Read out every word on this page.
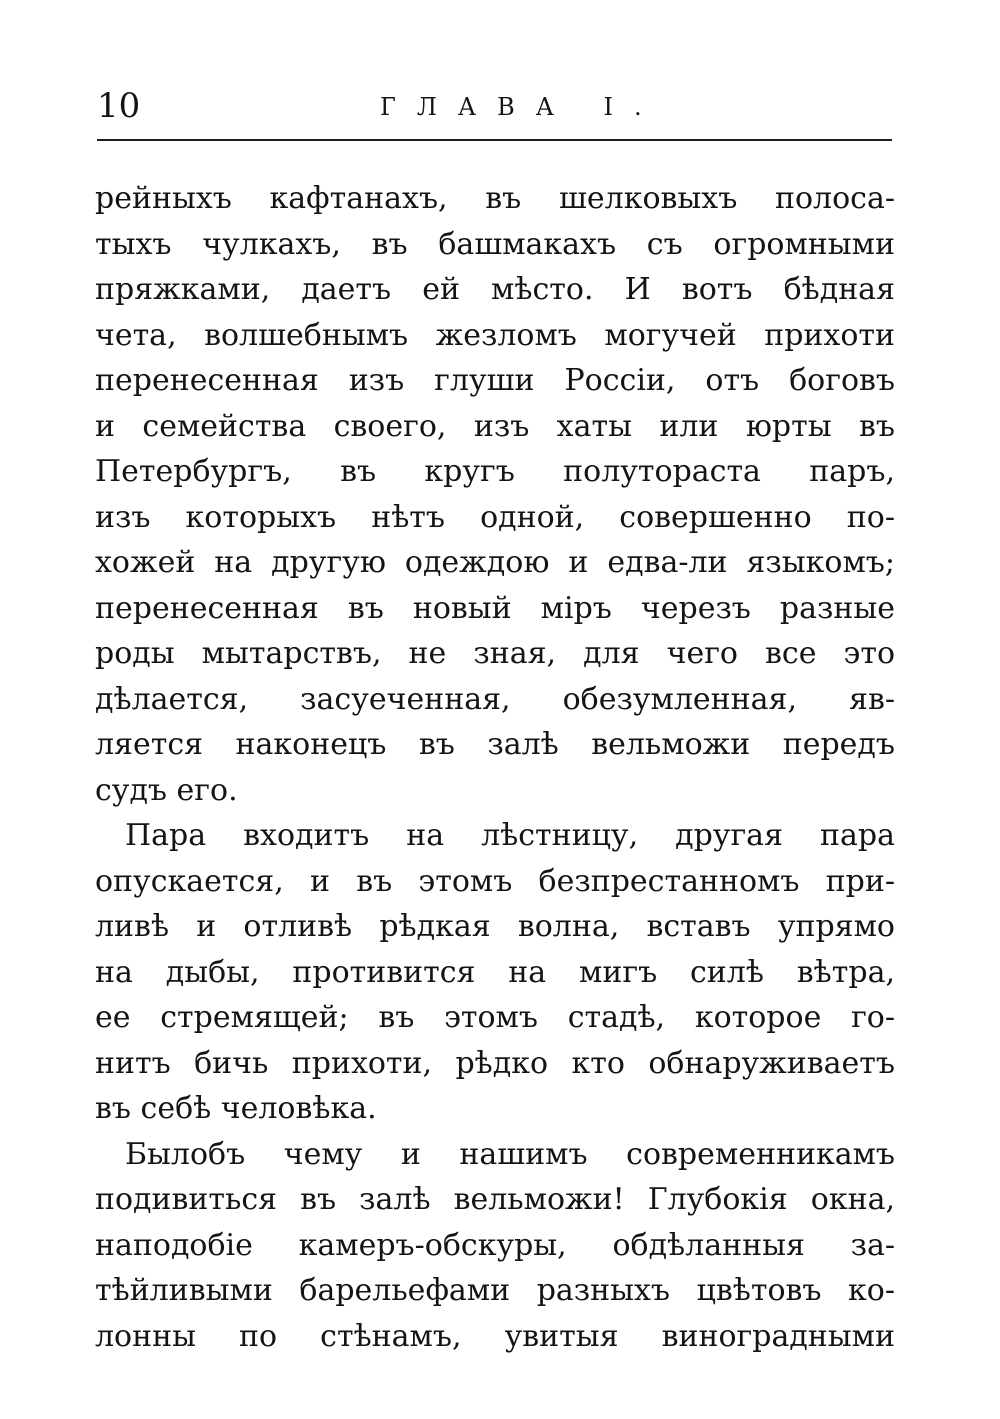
10	ГЛАВА I.
рейныхъ кафтанахъ, въ шелковыхъ полоса-
тыхъ чулкахъ, въ башмакахъ съ огромными
пряжками, даетъ ей мѣсто. И вотъ бѣдная
чета, волшебнымъ жезломъ могучей прихоти
перенесенная изъ глуши Россіи, отъ боговъ
и семейства своего, изъ хаты или юрты въ
Петербургъ, въ кругъ полутораста паръ,
изъ которыхъ нѣтъ одной, совершенно по-
хожей на другую одеждою и едва-ли языкомъ;
перенесенная въ новый міръ черезъ разные
роды мытарствъ, не зная, для чего все это
дѣлается, засуеченная, обезумленная, яв-
ляется наконецъ въ залѣ вельможи передъ
судъ его.
Пара входитъ на лѣстницу, другая пара
опускается, и въ этомъ безпрестанномъ при-
ливѣ и отливѣ рѣдкая волна, вставъ упрямо
на дыбы, противится на мигъ силѣ вѣтра,
ее стремящей; въ этомъ стадѣ, которое го-
нитъ бичь прихоти, рѣдко кто обнаруживаетъ
въ себѣ человѣка.
Былобъ чему и нашимъ современникамъ
подивиться въ залѣ вельможи! Глубокія окна,
наподобіе камеръ-обскуры, обдѣланныя за-
тѣйливыми барельефами разныхъ цвѣтовъ ко-
лонны по стѣнамъ, увитыя виноградными
